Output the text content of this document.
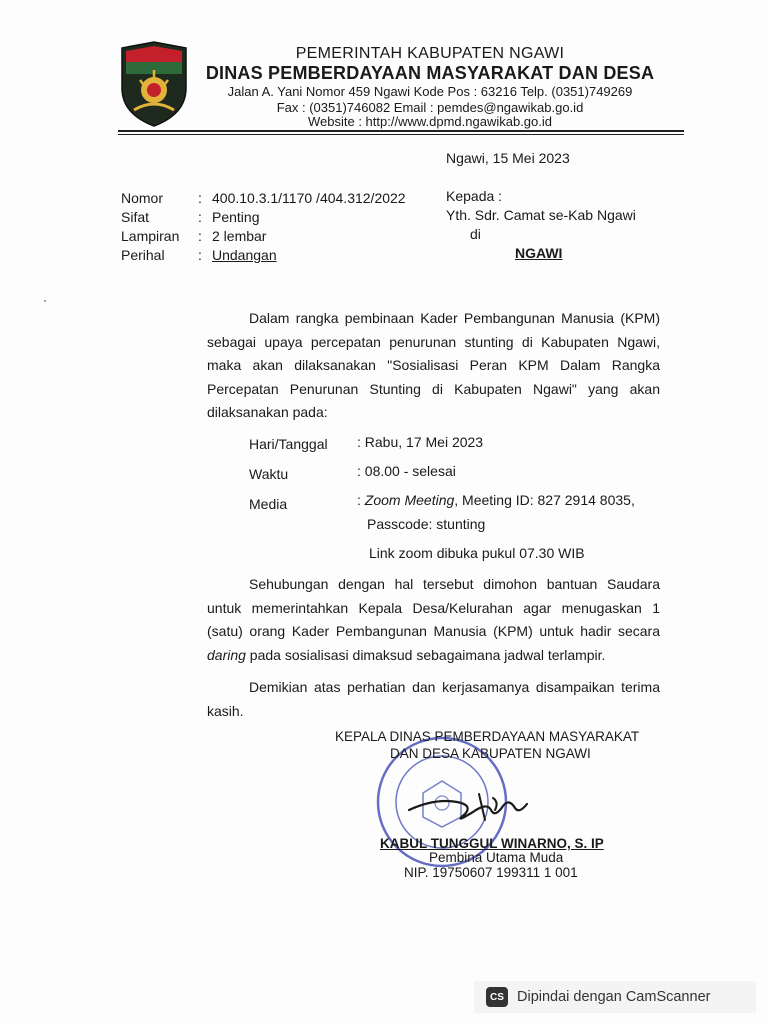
PEMERINTAH KABUPATEN NGAWI
DINAS PEMBERDAYAAN MASYARAKAT DAN DESA
Jalan A. Yani Nomor 459 Ngawi Kode Pos : 63216 Telp. (0351)749269
Fax : (0351)746082 Email : pemdes@ngawikab.go.id
Website : http://www.dpmd.ngawikab.go.id
Ngawi, 15 Mei 2023
Nomor : 400.10.3.1/1170 /404.312/2022
Sifat	: Penting
Lampiran : 2 lembar
Perihal : Undangan
Kepada :
Yth. Sdr. Camat se-Kab Ngawi
di
NGAWI
Dalam rangka pembinaan Kader Pembangunan Manusia (KPM) sebagai upaya percepatan penurunan stunting di Kabupaten Ngawi, maka akan dilaksanakan "Sosialisasi Peran KPM Dalam Rangka Percepatan Penurunan Stunting di Kabupaten Ngawi" yang akan dilaksanakan pada:
Hari/Tanggal : Rabu, 17 Mei 2023
Waktu	: 08.00 - selesai
Media	: Zoom Meeting, Meeting ID: 827 2914 8035,
Passcode: stunting
Link zoom dibuka pukul 07.30 WIB
Sehubungan dengan hal tersebut dimohon bantuan Saudara untuk memerintahkan Kepala Desa/Kelurahan agar menugaskan 1 (satu) orang Kader Pembangunan Manusia (KPM) untuk hadir secara daring pada sosialisasi dimaksud sebagaimana jadwal terlampir.
Demikian atas perhatian dan kerjasamanya disampaikan terima kasih.
KEPALA DINAS PEMBERDAYAAN MASYARAKAT
DAN DESA KABUPATEN NGAWI
KABUL TUNGGUL WINARNO, S. IP
Pembina Utama Muda
NIP. 19750607 199311 1 001
CS Dipindai dengan CamScanner
